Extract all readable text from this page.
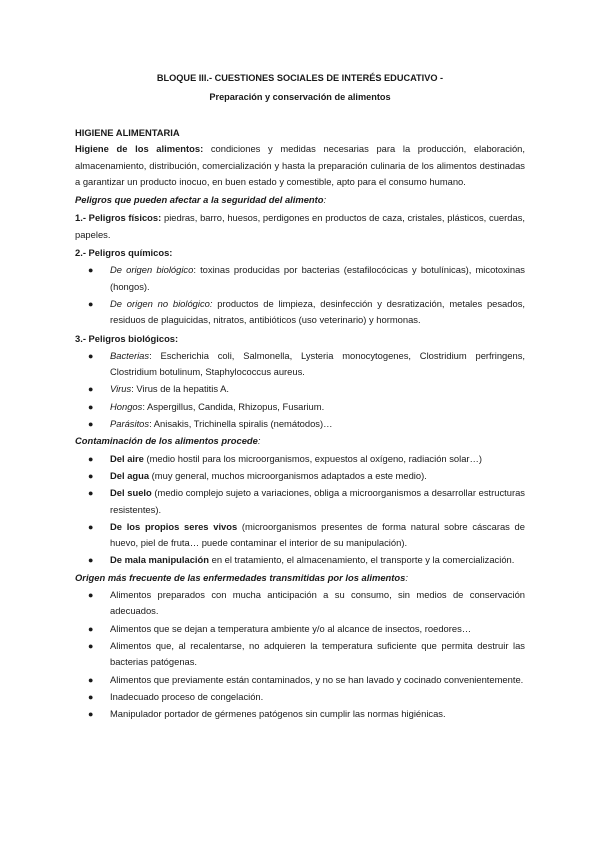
BLOQUE III.- CUESTIONES SOCIALES DE INTERÉS EDUCATIVO -
Preparación y conservación de alimentos
HIGIENE ALIMENTARIA

Higiene de los alimentos: condiciones y medidas necesarias para la producción, elaboración, almacenamiento, distribución, comercialización y hasta la preparación culinaria de los alimentos destinadas a garantizar un producto inocuo, en buen estado y comestible, apto para el consumo humano.

Peligros que pueden afectar a la seguridad del alimento:

1.- Peligros físicos: piedras, barro, huesos, perdigones en productos de caza, cristales, plásticos, cuerdas, papeles.

2.- Peligros químicos:

● De origen biológico: toxinas producidas por bacterias (estafilocócicas y botulínicas), micotoxinas (hongos).
● De origen no biológico: productos de limpieza, desinfección y desratización, metales pesados, residuos de plaguicidas, nitratos, antibióticos (uso veterinario) y hormonas.

3.- Peligros biológicos:

● Bacterias: Escherichia coli, Salmonella, Lysteria monocytogenes, Clostridium perfringens, Clostridium botulinum, Staphylococcus aureus.
● Virus: Virus de la hepatitis A.
● Hongos: Aspergillus, Candida, Rhizopus, Fusarium.
● Parásitos: Anisakis, Trichinella spiralis (nemátodos)…

Contaminación de los alimentos procede:

● Del aire (medio hostil para los microorganismos, expuestos al oxígeno, radiación solar…)
● Del agua (muy general, muchos microorganismos adaptados a este medio).
● Del suelo (medio complejo sujeto a variaciones, obliga a microorganismos a desarrollar estructuras resistentes).
● De los propios seres vivos (microorganismos presentes de forma natural sobre cáscaras de huevo, piel de fruta… puede contaminar el interior de su manipulación).
● De mala manipulación en el tratamiento, el almacenamiento, el transporte y la comercialización.

Origen más frecuente de las enfermedades transmitidas por los alimentos:

● Alimentos preparados con mucha anticipación a su consumo, sin medios de conservación adecuados.
● Alimentos que se dejan a temperatura ambiente y/o al alcance de insectos, roedores…
● Alimentos que, al recalentarse, no adquieren la temperatura suficiente que permita destruir las bacterias patógenas.
● Alimentos que previamente están contaminados, y no se han lavado y cocinado convenientemente.
● Inadecuado proceso de congelación.
● Manipulador portador de gérmenes patógenos sin cumplir las normas higiénicas.
